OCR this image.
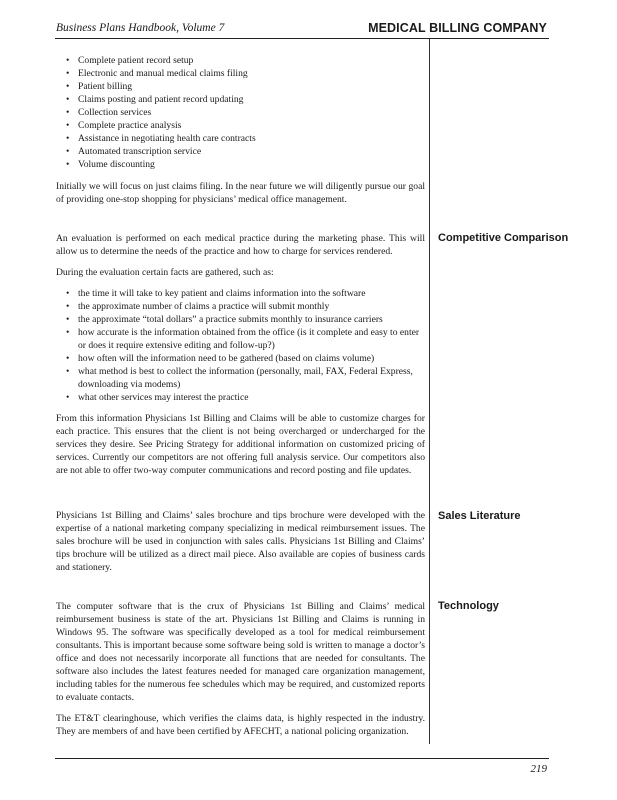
Business Plans Handbook, Volume 7	MEDICAL BILLING COMPANY
• Complete patient record setup
• Electronic and manual medical claims filing
• Patient billing
• Claims posting and patient record updating
• Collection services
• Complete practice analysis
• Assistance in negotiating health care contracts
• Automated transcription service
• Volume discounting

Initially we will focus on just claims filing. In the near future we will diligently pursue our goal of providing one-stop shopping for physicians’ medical office management.

Competitive Comparison

An evaluation is performed on each medical practice during the marketing phase. This will allow us to determine the needs of the practice and how to charge for services rendered.

During the evaluation certain facts are gathered, such as:

• the time it will take to key patient and claims information into the software
• the approximate number of claims a practice will submit monthly
• the approximate “total dollars” a practice submits monthly to insurance carriers
• how accurate is the information obtained from the office (is it complete and easy to enter or does it require extensive editing and follow-up?)
• how often will the information need to be gathered (based on claims volume)
• what method is best to collect the information (personally, mail, FAX, Federal Express, downloading via modems)
• what other services may interest the practice

From this information Physicians 1st Billing and Claims will be able to customize charges for each practice. This ensures that the client is not being overcharged or undercharged for the services they desire. See Pricing Strategy for additional information on customized pricing of services. Currently our competitors are not offering full analysis service. Our competitors also are not able to offer two-way computer communications and record posting and file updates.

Sales Literature

Physicians 1st Billing and Claims’ sales brochure and tips brochure were developed with the expertise of a national marketing company specializing in medical reimbursement issues. The sales brochure will be used in conjunction with sales calls. Physicians 1st Billing and Claims’ tips brochure will be utilized as a direct mail piece. Also available are copies of business cards and stationery.

Technology

The computer software that is the crux of Physicians 1st Billing and Claims’ medical reimbursement business is state of the art. Physicians 1st Billing and Claims is running in Windows 95. The software was specifically developed as a tool for medical reimbursement consultants. This is important because some software being sold is written to manage a doctor’s office and does not necessarily incorporate all functions that are needed for consultants. The software also includes the latest features needed for managed care organization management, including tables for the numerous fee schedules which may be required, and customized reports to evaluate contacts.

The ET&T clearinghouse, which verifies the claims data, is highly respected in the industry. They are members of and have been certified by AFECHT, a national policing organization.

219
